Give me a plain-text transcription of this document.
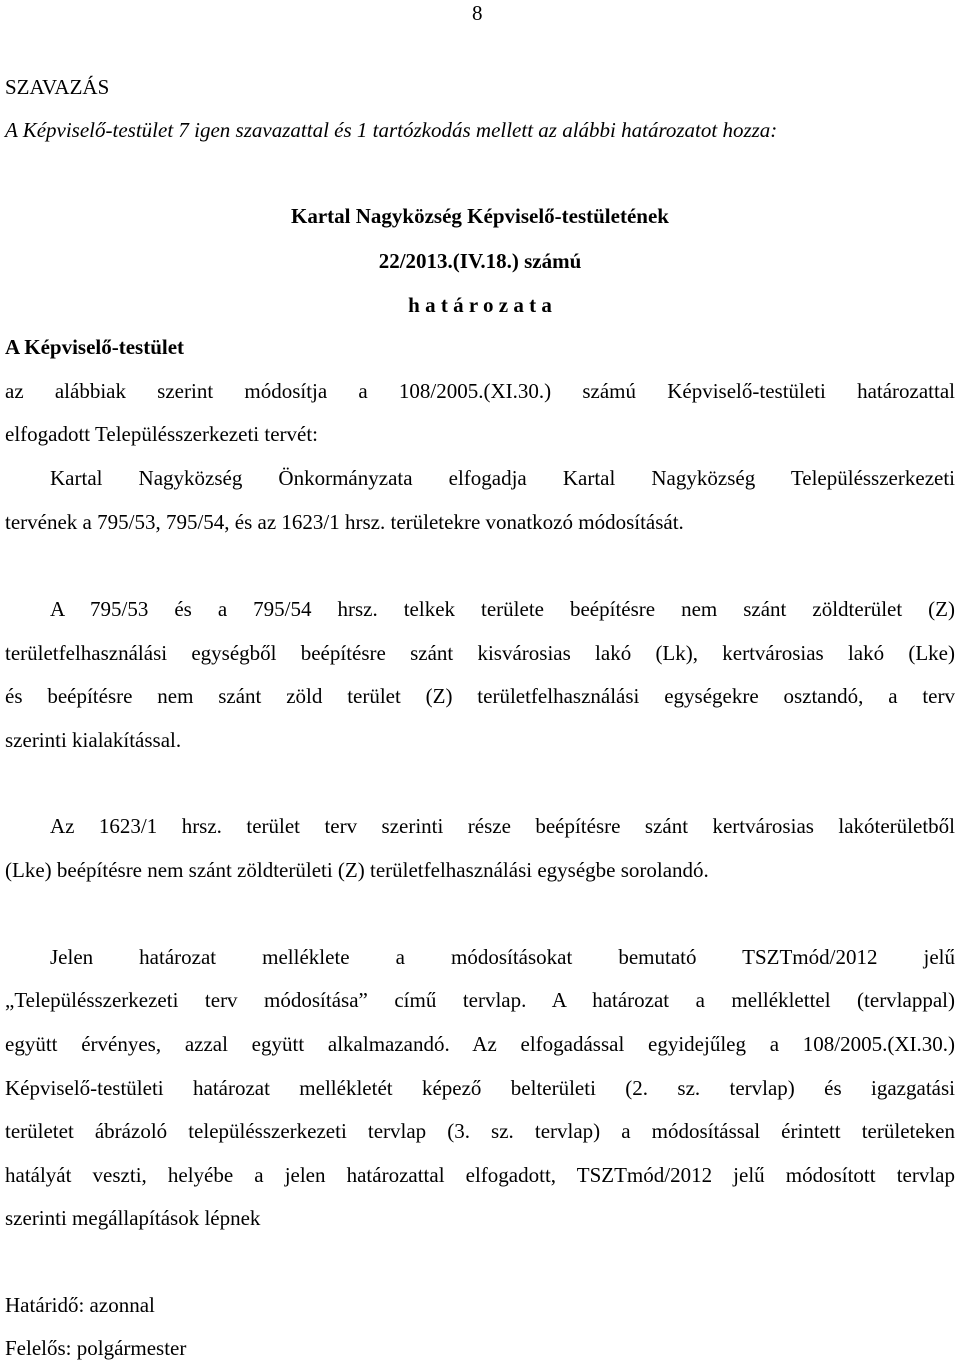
8
SZAVAZÁS
A Képviselő-testület 7 igen szavazattal és 1 tartózkodás mellett az alábbi határozatot hozza:
Kartal Nagyközség Képviselő-testületének
22/2013.(IV.18.) számú
h a t á r o z a t a
A Képviselő-testület
az alábbiak szerint módosítja a 108/2005.(XI.30.) számú Képviselő-testületi határozattal
elfogadott Településszerkezeti tervét:
Kartal Nagyközség Önkormányzata elfogadja Kartal Nagyközség Településszerkezeti
tervének a 795/53, 795/54, és az 1623/1 hrsz. területekre vonatkozó módosítását.
A 795/53 és a 795/54 hrsz. telkek területe beépítésre nem szánt zöldterület (Z)
területfelhasználási egységből beépítésre szánt kisvárosias lakó (Lk), kertvárosias lakó (Lke)
és beépítésre nem szánt zöld terület (Z) területfelhasználási egységekre osztandó, a terv
szerinti kialakítással.
Az 1623/1 hrsz. terület terv szerinti része beépítésre szánt kertvárosias lakóterületből
(Lke) beépítésre nem szánt zöldterületi (Z) területfelhasználási egységbe sorolandó.
Jelen határozat melléklete a módosításokat bemutató TSZTmód/2012 jelű
„Településszerkezeti terv módosítása” című tervlap. A határozat a melléklettel (tervlappal)
együtt érvényes, azzal együtt alkalmazandó. Az elfogadással egyidejűleg a 108/2005.(XI.30.)
Képviselő-testületi határozat mellékletét képező belterületi (2. sz. tervlap) és igazgatási
területet ábrázoló településszerkezeti tervlap (3. sz. tervlap) a módosítással érintett területeken
hatályát veszti, helyébe a jelen határozattal elfogadott, TSZTmód/2012 jelű módosított tervlap
szerinti megállapítások lépnek
Határidő: azonnal
Felelős: polgármester
